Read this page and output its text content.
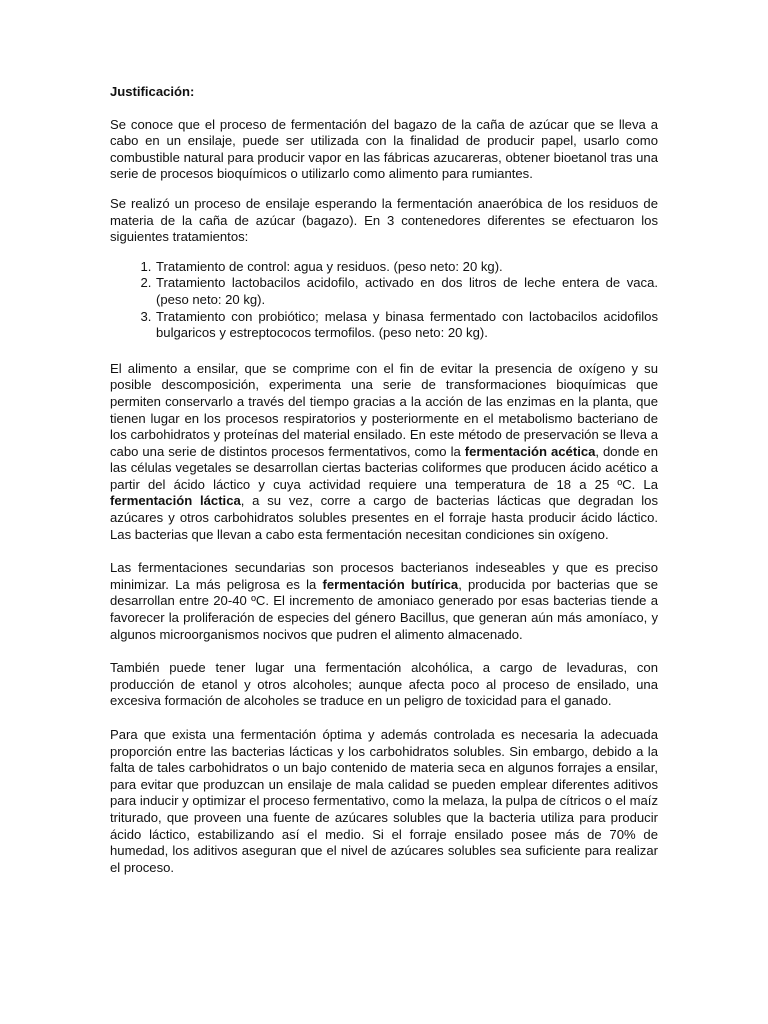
Justificación:

Se conoce que el proceso de fermentación del bagazo de la caña de azúcar que se lleva a cabo en un ensilaje, puede ser utilizada con la finalidad de producir papel, usarlo como combustible natural para producir vapor en las fábricas azucareras, obtener bioetanol tras una serie de procesos bioquímicos o utilizarlo como alimento para rumiantes.

Se realizó un proceso de ensilaje esperando la fermentación anaeróbica de los residuos de materia de la caña de azúcar (bagazo). En 3 contenedores diferentes se efectuaron los siguientes tratamientos:

1. Tratamiento de control: agua y residuos. (peso neto: 20 kg).
2. Tratamiento lactobacilos acidofilo, activado en dos litros de leche entera de vaca. (peso neto: 20 kg).
3. Tratamiento con probiótico; melasa y binasa fermentado con lactobacilos acidofilos bulgaricos y estreptococos termofilos. (peso neto: 20 kg).

El alimento a ensilar, que se comprime con el fin de evitar la presencia de oxígeno y su posible descomposición, experimenta una serie de transformaciones bioquímicas que permiten conservarlo a través del tiempo gracias a la acción de las enzimas en la planta, que tienen lugar en los procesos respiratorios y posteriormente en el metabolismo bacteriano de los carbohidratos y proteínas del material ensilado. En este método de preservación se lleva a cabo una serie de distintos procesos fermentativos, como la fermentación acética, donde en las células vegetales se desarrollan ciertas bacterias coliformes que producen ácido acético a partir del ácido láctico y cuya actividad requiere una temperatura de 18 a 25 ºC. La fermentación láctica, a su vez, corre a cargo de bacterias lácticas que degradan los azúcares y otros carbohidratos solubles presentes en el forraje hasta producir ácido láctico. Las bacterias que llevan a cabo esta fermentación necesitan condiciones sin oxígeno.

Las fermentaciones secundarias son procesos bacterianos indeseables y que es preciso minimizar. La más peligrosa es la fermentación butírica, producida por bacterias que se desarrollan entre 20-40 ºC. El incremento de amoniaco generado por esas bacterias tiende a favorecer la proliferación de especies del género Bacillus, que generan aún más amoníaco, y algunos microorganismos nocivos que pudren el alimento almacenado.

También puede tener lugar una fermentación alcohólica, a cargo de levaduras, con producción de etanol y otros alcoholes; aunque afecta poco al proceso de ensilado, una excesiva formación de alcoholes se traduce en un peligro de toxicidad para el ganado.

Para que exista una fermentación óptima y además controlada es necesaria la adecuada proporción entre las bacterias lácticas y los carbohidratos solubles. Sin embargo, debido a la falta de tales carbohidratos o un bajo contenido de materia seca en algunos forrajes a ensilar, para evitar que produzcan un ensilaje de mala calidad se pueden emplear diferentes aditivos para inducir y optimizar el proceso fermentativo, como la melaza, la pulpa de cítricos o el maíz triturado, que proveen una fuente de azúcares solubles que la bacteria utiliza para producir ácido láctico, estabilizando así el medio. Si el forraje ensilado posee más de 70% de humedad, los aditivos aseguran que el nivel de azúcares solubles sea suficiente para realizar el proceso.
